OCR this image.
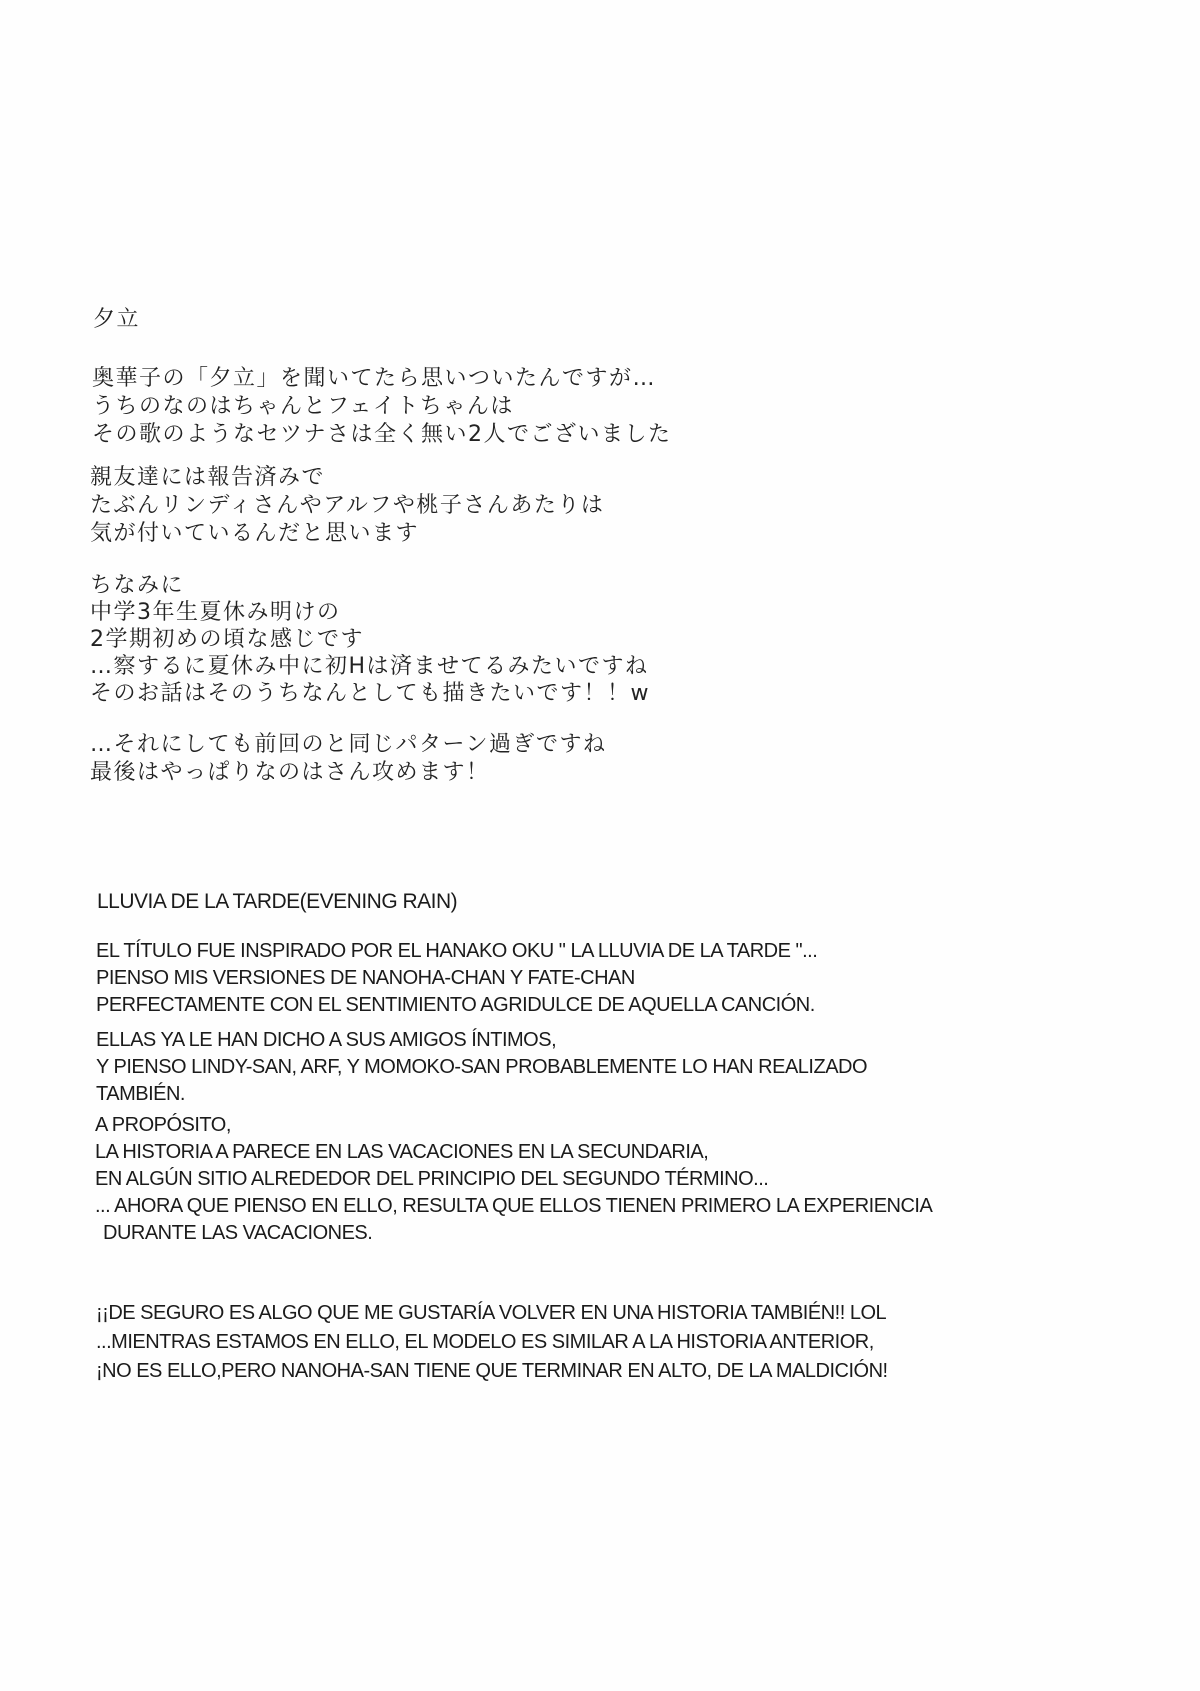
夕立
奥華子の「夕立」を聞いてたら思いついたんですが…
うちのなのはちゃんとフェイトちゃんは
その歌のようなセツナさは全く無い2人でございました
親友達には報告済みで
たぶんリンディさんやアルフや桃子さんあたりは
気が付いているんだと思います
ちなみに
中学3年生夏休み明けの
2学期初めの頃な感じです
…察するに夏休み中に初Hは済ませてるみたいですね
そのお話はそのうちなんとしても描きたいです！！w
…それにしても前回のと同じパターン過ぎですね
最後はやっぱりなのはさん攻めます！
LLUVIA DE LA TARDE(EVENING RAIN)
EL TÍTULO FUE INSPIRADO POR EL HANAKO OKU " LA LLUVIA DE LA TARDE "...
PIENSO MIS VERSIONES DE NANOHA-CHAN Y FATE-CHAN
PERFECTAMENTE CON EL SENTIMIENTO AGRIDULCE DE AQUELLA CANCIÓN.
ELLAS YA LE HAN DICHO A SUS AMIGOS ÍNTIMOS,
Y PIENSO LINDY-SAN, ARF, Y MOMOKO-SAN PROBABLEMENTE LO HAN REALIZADO
TAMBIÉN.
A PROPÓSITO,
LA HISTORIA A PARECE EN LAS VACACIONES EN LA SECUNDARIA,
EN ALGÚN SITIO ALREDEDOR DEL PRINCIPIO DEL SEGUNDO TÉRMINO...
... AHORA QUE PIENSO EN ELLO, RESULTA QUE ELLOS TIENEN PRIMERO LA EXPERIENCIA
DURANTE LAS VACACIONES.
¡¡DE SEGURO ES ALGO QUE ME GUSTARÍA VOLVER EN UNA HISTORIA TAMBIÉN!! LOL
...MIENTRAS ESTAMOS EN ELLO, EL MODELO ES SIMILAR A LA HISTORIA ANTERIOR,
¡NO ES ELLO,PERO NANOHA-SAN TIENE QUE TERMINAR EN ALTO, DE LA MALDICIÓN!
